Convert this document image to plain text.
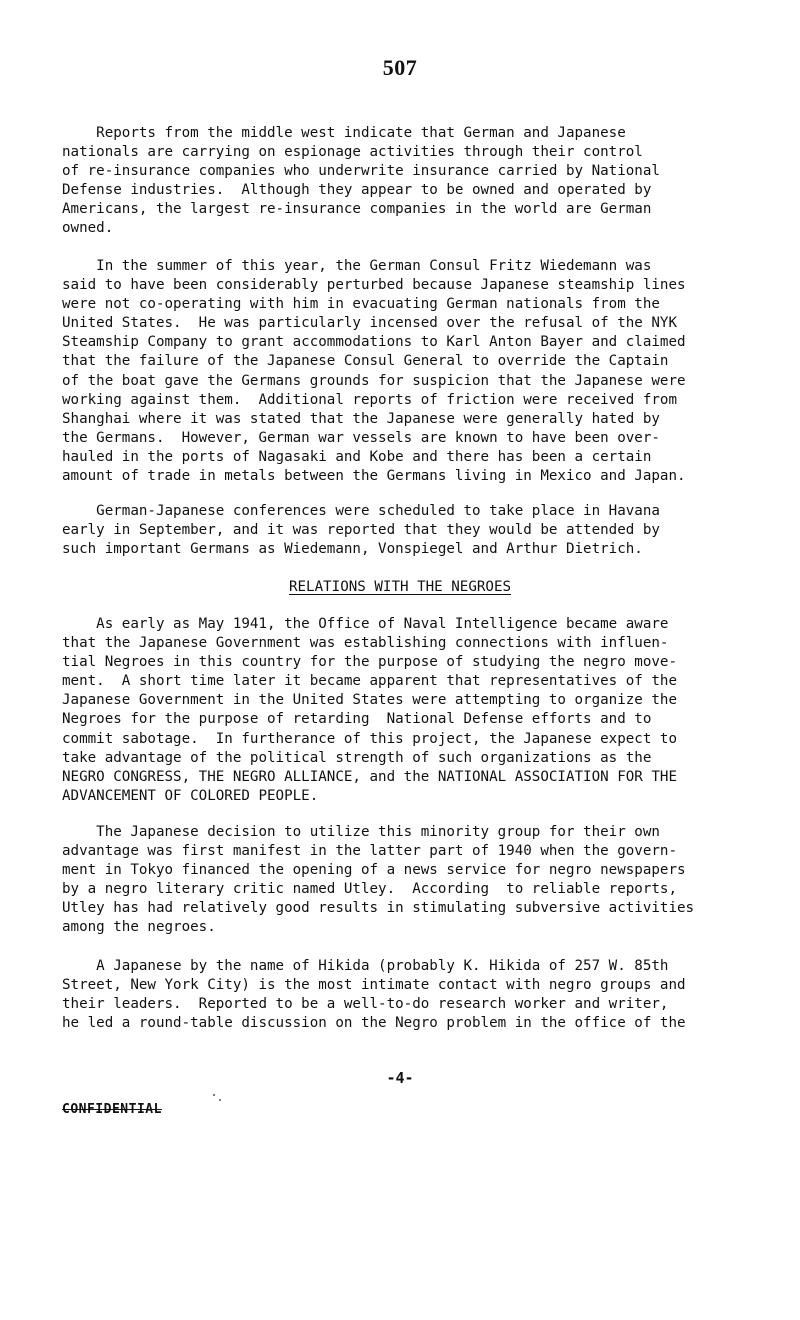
507
Reports from the middle west indicate that German and Japanese
nationals are carrying on espionage activities through their control
of re-insurance companies who underwrite insurance carried by National
Defense industries.  Although they appear to be owned and operated by
Americans, the largest re-insurance companies in the world are German
owned.
In the summer of this year, the German Consul Fritz Wiedemann was
said to have been considerably perturbed because Japanese steamship lines
were not co-operating with him in evacuating German nationals from the
United States.  He was particularly incensed over the refusal of the NYK
Steamship Company to grant accommodations to Karl Anton Bayer and claimed
that the failure of the Japanese Consul General to override the Captain
of the boat gave the Germans grounds for suspicion that the Japanese were
working against them.  Additional reports of friction were received from
Shanghai where it was stated that the Japanese were generally hated by
the Germans.  However, German war vessels are known to have been over-
hauled in the ports of Nagasaki and Kobe and there has been a certain
amount of trade in metals between the Germans living in Mexico and Japan.
German-Japanese conferences were scheduled to take place in Havana
early in September, and it was reported that they would be attended by
such important Germans as Wiedemann, Vonspiegel and Arthur Dietrich.
RELATIONS WITH THE NEGROES
As early as May 1941, the Office of Naval Intelligence became aware
that the Japanese Government was establishing connections with influen-
tial Negroes in this country for the purpose of studying the negro move-
ment.  A short time later it became apparent that representatives of the
Japanese Government in the United States were attempting to organize the
Negroes for the purpose of retarding  National Defense efforts and to
commit sabotage.  In furtherance of this project, the Japanese expect to
take advantage of the political strength of such organizations as the
NEGRO CONGRESS, THE NEGRO ALLIANCE, and the NATIONAL ASSOCIATION FOR THE
ADVANCEMENT OF COLORED PEOPLE.
The Japanese decision to utilize this minority group for their own
advantage was first manifest in the latter part of 1940 when the govern-
ment in Tokyo financed the opening of a news service for negro newspapers
by a negro literary critic named Utley.  According  to reliable reports,
Utley has had relatively good results in stimulating subversive activities
among the negroes.
A Japanese by the name of Hikida (probably K. Hikida of 257 W. 85th
Street, New York City) is the most intimate contact with negro groups and
their leaders.  Reported to be a well-to-do research worker and writer,
he led a round-table discussion on the Negro problem in the office of the
-4-
CONFIDENTIAL
